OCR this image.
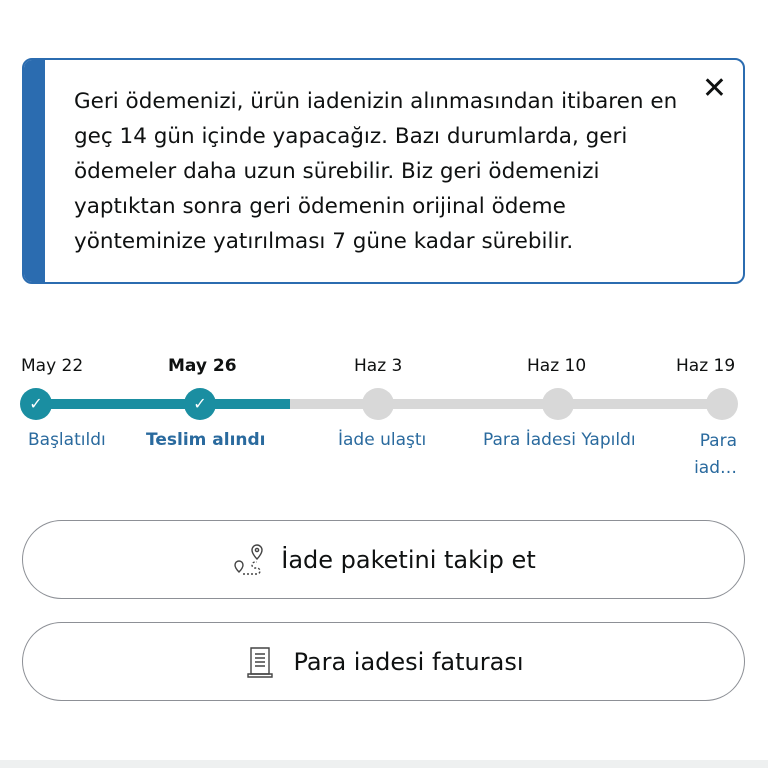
Geri ödemenizi, ürün iadenizin alınmasından itibaren en geç 14 gün içinde yapacağız. Bazı durumlarda, geri ödemeler daha uzun sürebilir. Biz geri ödemenizi yaptıktan sonra geri ödemenin orijinal ödeme yönteminize yatırılması 7 güne kadar sürebilir.
✕
May 22	May 26	Haz 3	Haz 10	Haz 19
✓	✓
Başlatıldı Teslim alındı	İade ulaştı	Para İadesi Yapıldı	Para iad…
İade paketini takip et
Para iadesi faturası
